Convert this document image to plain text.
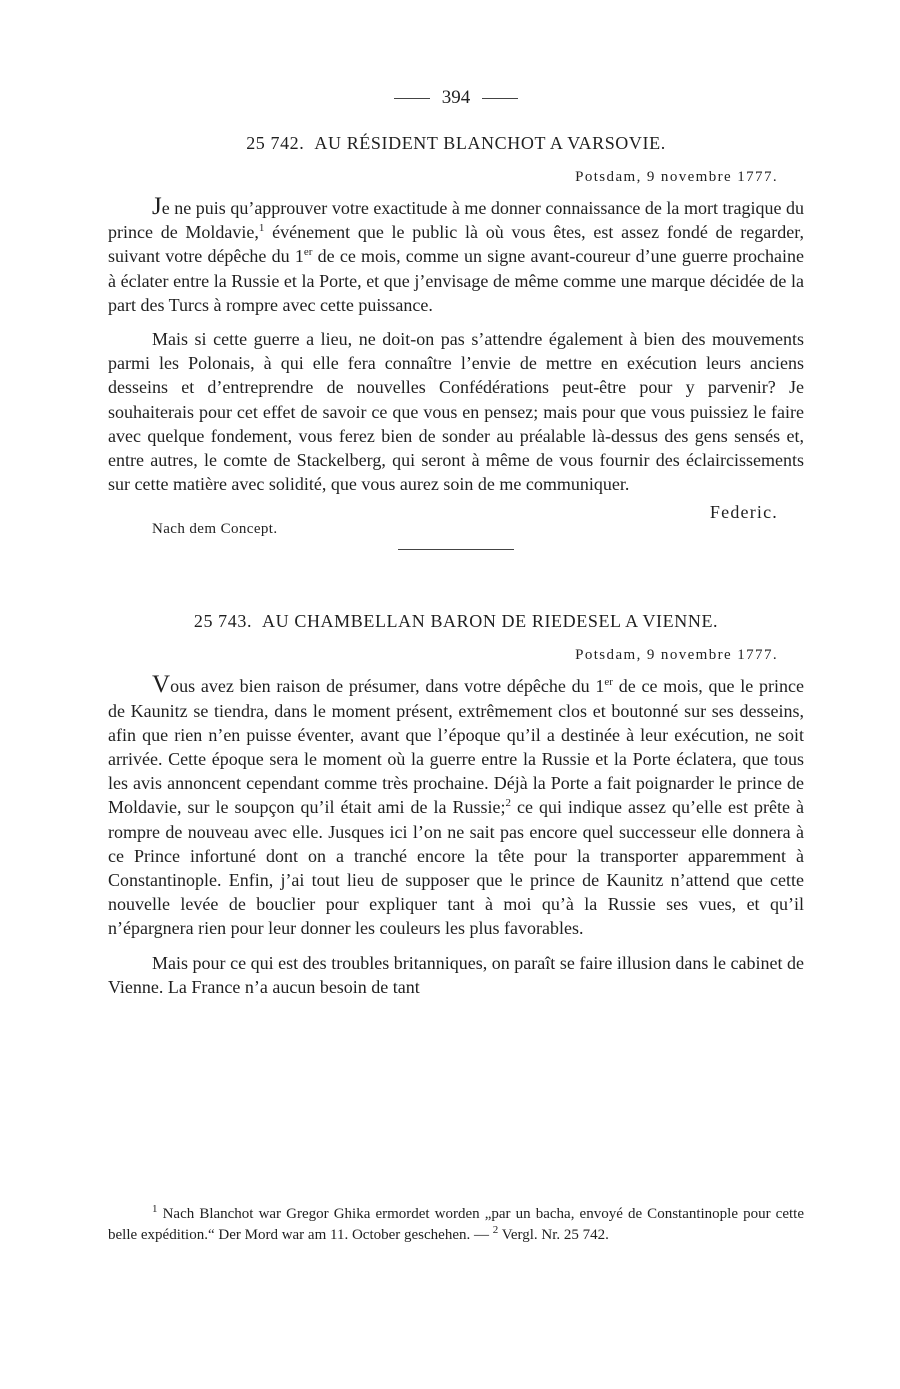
394
25 742. AU RÉSIDENT BLANCHOT A VARSOVIE.
Potsdam, 9 novembre 1777.

Je ne puis qu’approuver votre exactitude à me donner connaissance de la mort tragique du prince de Moldavie,$^1$ événement que le public là où vous êtes, est assez fondé de regarder, suivant votre dépêche du 1er de ce mois, comme un signe avant-coureur d’une guerre prochaine à éclater entre la Russie et la Porte, et que j’envisage de même comme une marque décidée de la part des Turcs à rompre avec cette puissance.

Mais si cette guerre a lieu, ne doit-on pas s’attendre également à bien des mouvements parmi les Polonais, à qui elle fera connaître l’envie de mettre en exécution leurs anciens desseins et d’entreprendre de nouvelles Confédérations peut-être pour y parvenir? Je souhaiterais pour cet effet de savoir ce que vous en pensez; mais pour que vous puissiez le faire avec quelque fondement, vous ferez bien de sonder au préalable là-dessus des gens sensés et, entre autres, le comte de Stackelberg, qui seront à même de vous fournir des éclaircissements sur cette matière avec solidité, que vous aurez soin de me communiquer.

Federic.
Nach dem Concept.
25 743. AU CHAMBELLAN BARON DE RIEDESEL A VIENNE.
Potsdam, 9 novembre 1777.

Vous avez bien raison de présumer, dans votre dépêche du 1er de ce mois, que le prince de Kaunitz se tiendra, dans le moment présent, extrêmement clos et boutonné sur ses desseins, afin que rien n’en puisse éventer, avant que l’époque qu’il a destinée à leur exécution, ne soit arrivée. Cette époque sera le moment où la guerre entre la Russie et la Porte éclatera, que tous les avis annoncent cependant comme très prochaine. Déjà la Porte a fait poignarder le prince de Moldavie, sur le soupçon qu’il était ami de la Russie;$^2$ ce qui indique assez qu’elle est prête à rompre de nouveau avec elle. Jusques ici l’on ne sait pas encore quel successeur elle donnera à ce Prince infortuné dont on a tranché encore la tête pour la transporter apparemment à Constantinople. Enfin, j’ai tout lieu de supposer que le prince de Kaunitz n’attend que cette nouvelle levée de bouclier pour expliquer tant à moi qu’à la Russie ses vues, et qu’il n’épargnera rien pour leur donner les couleurs les plus favorables.

Mais pour ce qui est des troubles britanniques, on paraît se faire illusion dans le cabinet de Vienne. La France n’a aucun besoin de tant

$^1$ Nach Blanchot war Gregor Ghika ermordet worden „par un bacha, envoyé de Constantinople pour cette belle expédition.“ Der Mord war am 11. October geschehen. — $^2$ Vergl. Nr. 25 742.
